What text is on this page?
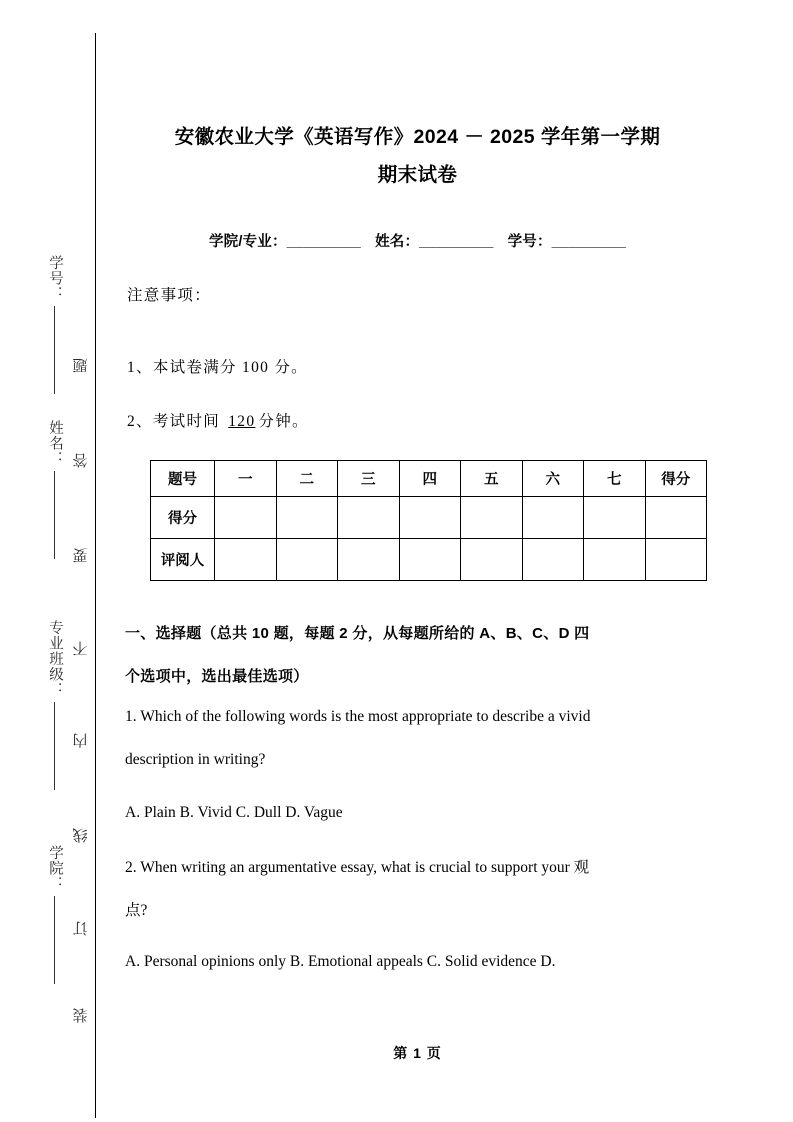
学号：
姓名：
专业班级：
学院：
题
答
要
不
内
线
订
装
安徽农业大学《英语写作》2024 － 2025 学年第一学期
期末试卷
学院/专业：_________ 姓名：_________ 学号：_________
注意事项：
1、本试卷满分 100 分。
2、考试时间 120 分钟。
题号	一	二	三	四	五	六	七	得分
得分								
评阅人								
一、选择题（总共 10 题，每题 2 分，从每题所给的 A、B、C、D 四
个选项中，选出最佳选项）
1. Which of the following words is the most appropriate to describe a vivid
description in writing?
A. Plain B. Vivid C. Dull D. Vague
2. When writing an argumentative essay, what is crucial to support your 观
点?
A. Personal opinions only B. Emotional appeals C. Solid evidence D.
第 1 页
